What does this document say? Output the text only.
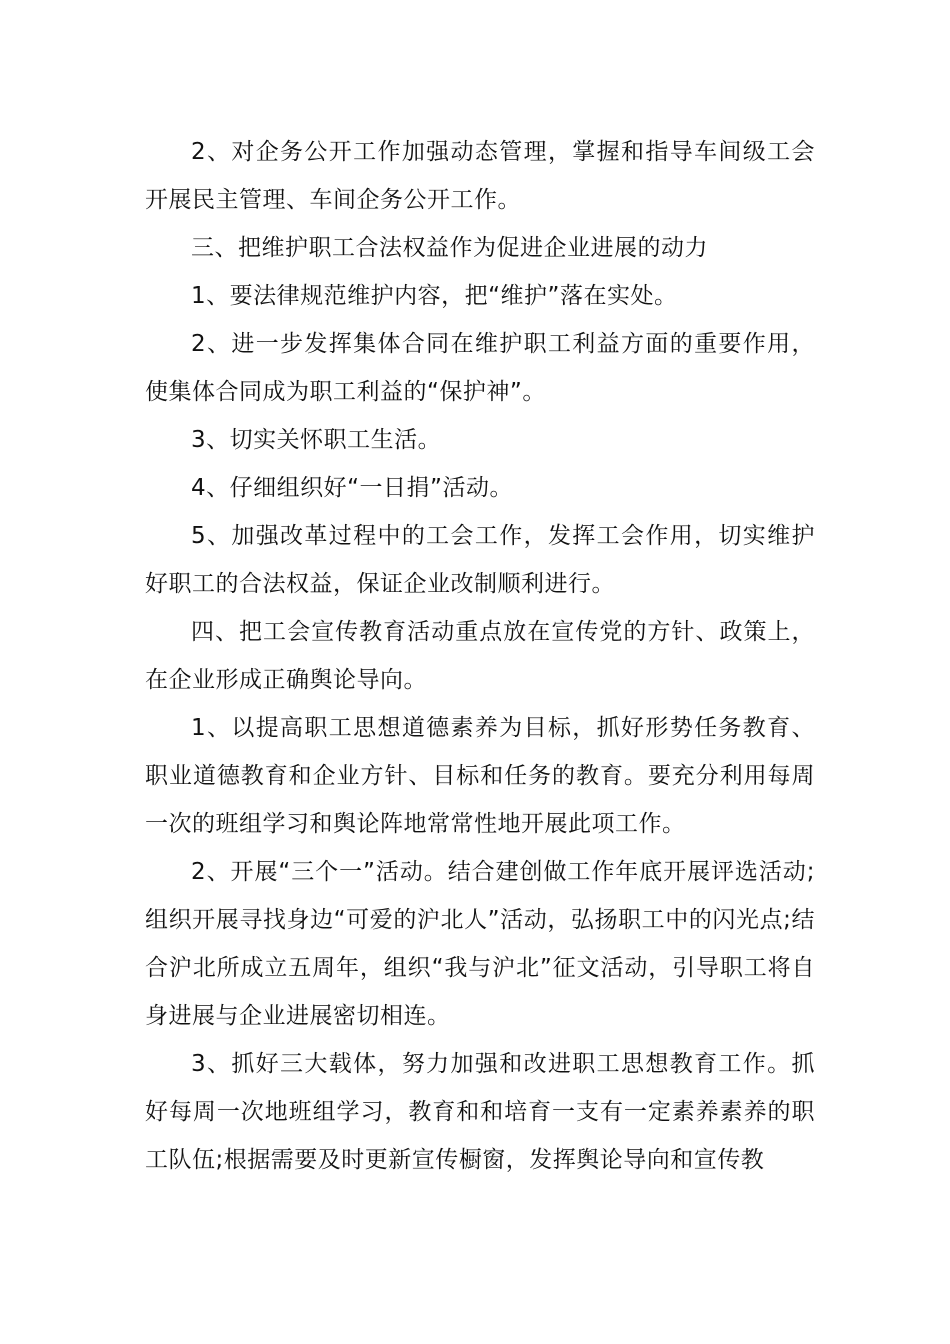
2、对企务公开工作加强动态管理，掌握和指导车间级工会开展民主管理、车间企务公开工作。

三、把维护职工合法权益作为促进企业进展的动力

1、要法律规范维护内容，把“维护”落在实处。

2、进一步发挥集体合同在维护职工利益方面的重要作用，使集体合同成为职工利益的“保护神”。

3、切实关怀职工生活。

4、仔细组织好“一日捐”活动。

5、加强改革过程中的工会工作，发挥工会作用，切实维护好职工的合法权益，保证企业改制顺利进行。

四、把工会宣传教育活动重点放在宣传党的方针、政策上，在企业形成正确舆论导向。

1、以提高职工思想道德素养为目标，抓好形势任务教育、职业道德教育和企业方针、目标和任务的教育。要充分利用每周一次的班组学习和舆论阵地常常性地开展此项工作。

2、开展“三个一”活动。结合建创做工作年底开展评选活动;组织开展寻找身边“可爱的沪北人”活动，弘扬职工中的闪光点;结合沪北所成立五周年，组织“我与沪北”征文活动，引导职工将自身进展与企业进展密切相连。

3、抓好三大载体，努力加强和改进职工思想教育工作。抓好每周一次地班组学习，教育和和培育一支有一定素养素养的职工队伍;根据需要及时更新宣传橱窗，发挥舆论导向和宣传教
